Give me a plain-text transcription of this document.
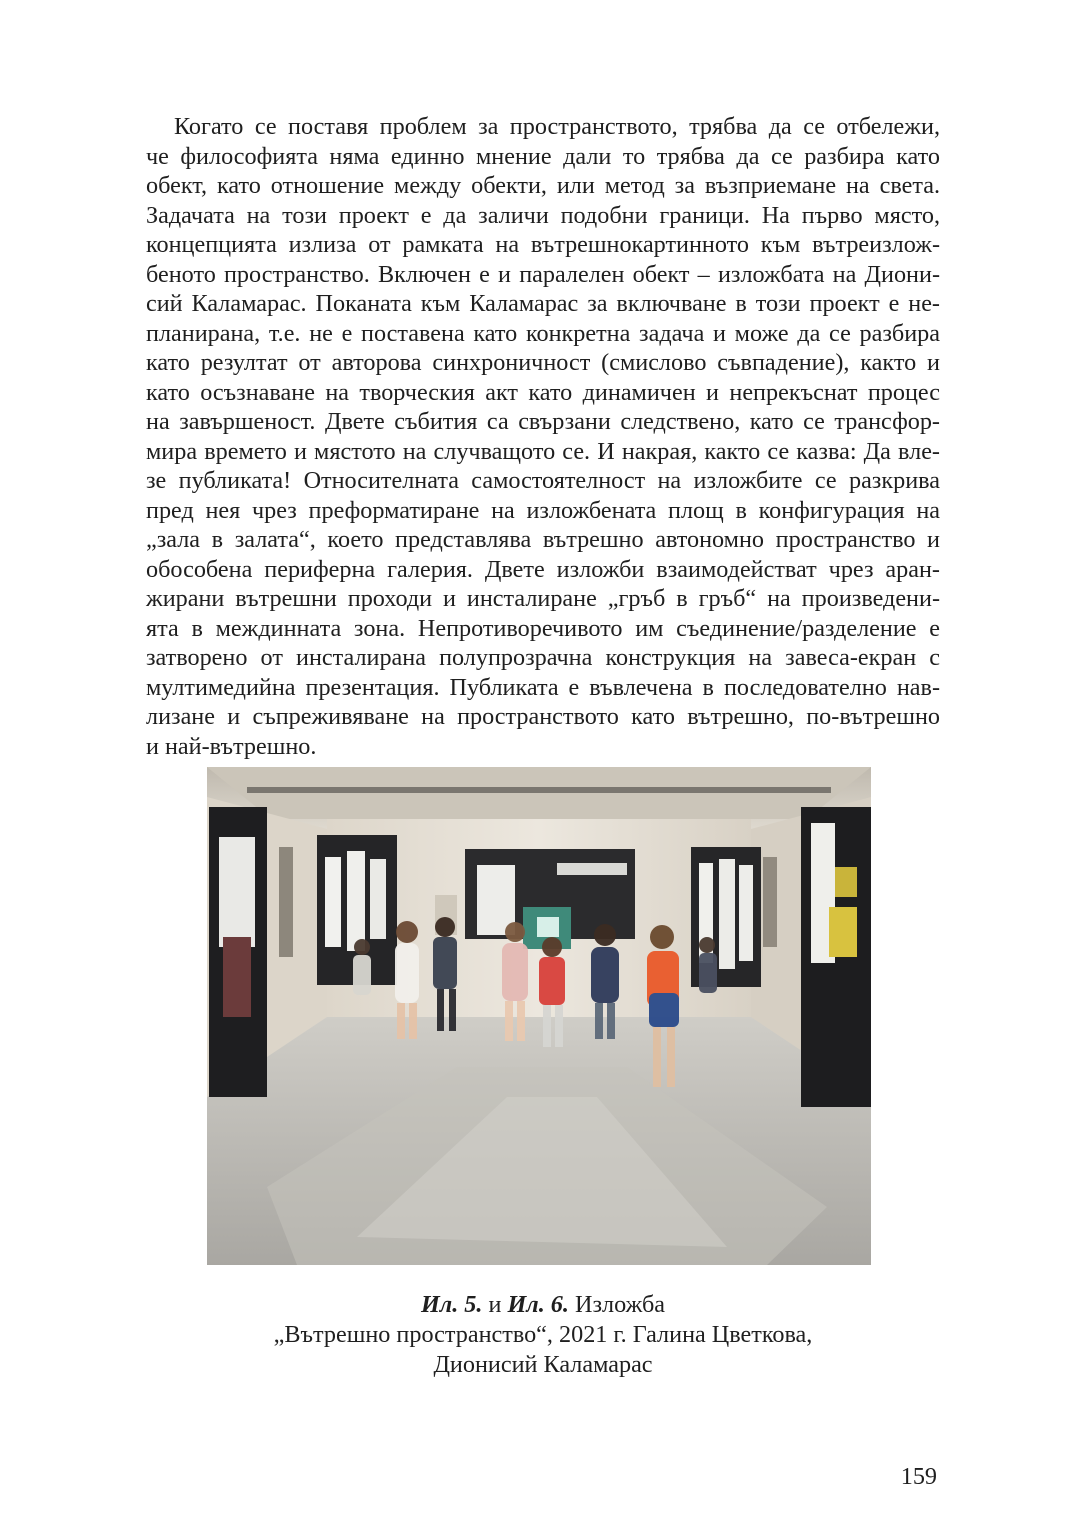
Когато се поставя проблем за пространството, трябва да се отбележи,
че философията няма единно мнение дали то трябва да се разбира като
обект, като отношение между обекти, или метод за възприемане на света.
Задачата на този проект е да заличи подобни граници. На първо място,
концепцията излиза от рамката на вътрешнокартинното към вътреизлож-
беното пространство. Включен е и паралелен обект – изложбата на Диони-
сий Каламарас. Поканата към Каламарас за включване в този проект е не-
планирана, т.е. не е поставена като конкретна задача и може да се разбира
като резултат от авторова синхроничност (смислово съвпадение), както и
като осъзнаване на творческия акт като динамичен и непрекъснат процес
на завършеност. Двете събития са свързани следствено, като се трансфор-
мира времето и мястото на случващото се. И накрая, както се казва: Да вле-
зе публиката! Относителната самостоятелност на изложбите се разкрива
пред нея чрез преформатиране на изложбената площ в конфигурация на
„зала в залата“, което представлява вътрешно автономно пространство и
обособена периферна галерия. Двете изложби взаимодействат чрез аран-
жирани вътрешни проходи и инсталиране „гръб в гръб“ на произведени-
ята в междинната зона. Непротиворечивото им съединение/разделение е
затворено от инсталирана полупрозрачна конструкция на завеса-екран с
мултимедийна презентация. Публиката е въвлечена в последователно нав-
лизане и съпреживяване на пространството като вътрешно, по-вътрешно
и най-вътрешно.
Ил. 5. и Ил. 6. Изложба
„Вътрешно пространство“, 2021 г. Галина Цветкова,
Дионисий Каламарас
159
